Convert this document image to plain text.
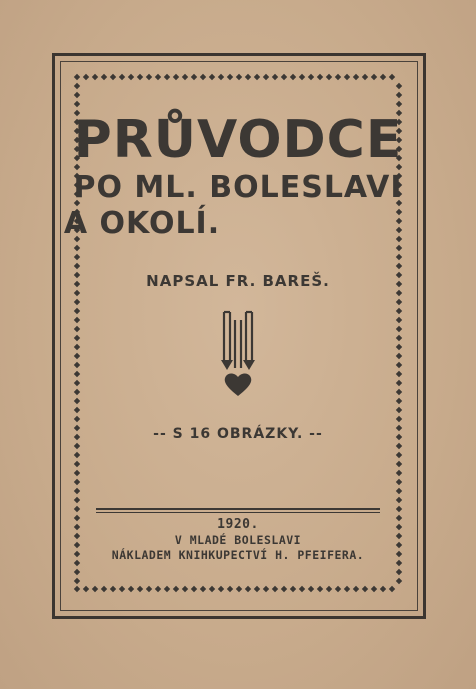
PRŮVODCE
PO ML. BOLESLAVI
A OKOLÍ.
NAPSAL FR. BAREŠ.
-- S 16 OBRÁZKY. --
1920.
V MLADÉ BOLESLAVI
NÁKLADEM KNIHKUPECTVÍ H. PFEIFERA.
